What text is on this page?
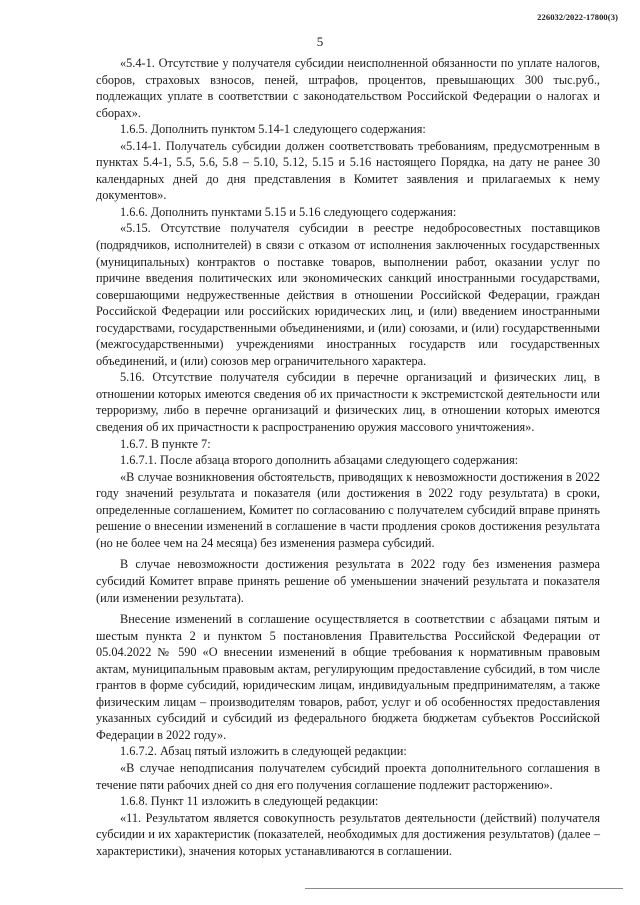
226032/2022-17800(3)
5

«5.4-1. Отсутствие у получателя субсидии неисполненной обязанности по уплате налогов, сборов, страховых взносов, пеней, штрафов, процентов, превышающих 300 тыс.руб., подлежащих уплате в соответствии с законодательством Российской Федерации о налогах и сборах».

1.6.5. Дополнить пунктом 5.14-1 следующего содержания:

«5.14-1. Получатель субсидии должен соответствовать требованиям, предусмотренным в пунктах 5.4-1, 5.5, 5.6, 5.8 – 5.10, 5.12, 5.15 и 5.16 настоящего Порядка, на дату не ранее 30 календарных дней до дня представления в Комитет заявления и прилагаемых к нему документов».

1.6.6. Дополнить пунктами 5.15 и 5.16 следующего содержания:

«5.15. Отсутствие получателя субсидии в реестре недобросовестных поставщиков (подрядчиков, исполнителей) в связи с отказом от исполнения заключенных государственных (муниципальных) контрактов о поставке товаров, выполнении работ, оказании услуг по причине введения политических или экономических санкций иностранными государствами, совершающими недружественные действия в отношении Российской Федерации, граждан Российской Федерации или российских юридических лиц, и (или) введением иностранными государствами, государственными объединениями, и (или) союзами, и (или) государственными (межгосударственными) учреждениями иностранных государств или государственных объединений, и (или) союзов мер ограничительного характера.

5.16. Отсутствие получателя субсидии в перечне организаций и физических лиц, в отношении которых имеются сведения об их причастности к экстремистской деятельности или терроризму, либо в перечне организаций и физических лиц, в отношении которых имеются сведения об их причастности к распространению оружия массового уничтожения».

1.6.7. В пункте 7:

1.6.7.1. После абзаца второго дополнить абзацами следующего содержания:

«В случае возникновения обстоятельств, приводящих к невозможности достижения в 2022 году значений результата и показателя (или достижения в 2022 году результата) в сроки, определенные соглашением, Комитет по согласованию с получателем субсидий вправе принять решение о внесении изменений в соглашение в части продления сроков достижения результата (но не более чем на 24 месяца) без изменения размера субсидий.

В случае невозможности достижения результата в 2022 году без изменения размера субсидий Комитет вправе принять решение об уменьшении значений результата и показателя (или изменении результата).

Внесение изменений в соглашение осуществляется в соответствии с абзацами пятым и шестым пункта 2 и пунктом 5 постановления Правительства Российской Федерации от 05.04.2022 № 590 «О внесении изменений в общие требования к нормативным правовым актам, муниципальным правовым актам, регулирующим предоставление субсидий, в том числе грантов в форме субсидий, юридическим лицам, индивидуальным предпринимателям, а также физическим лицам – производителям товаров, работ, услуг и об особенностях предоставления указанных субсидий и субсидий из федерального бюджета бюджетам субъектов Российской Федерации в 2022 году».

1.6.7.2. Абзац пятый изложить в следующей редакции:

«В случае неподписания получателем субсидий проекта дополнительного соглашения в течение пяти рабочих дней со дня его получения соглашение подлежит расторжению».

1.6.8. Пункт 11 изложить в следующей редакции:

«11. Результатом является совокупность результатов деятельности (действий) получателя субсидии и их характеристик (показателей, необходимых для достижения результатов) (далее – характеристики), значения которых устанавливаются в соглашении.
